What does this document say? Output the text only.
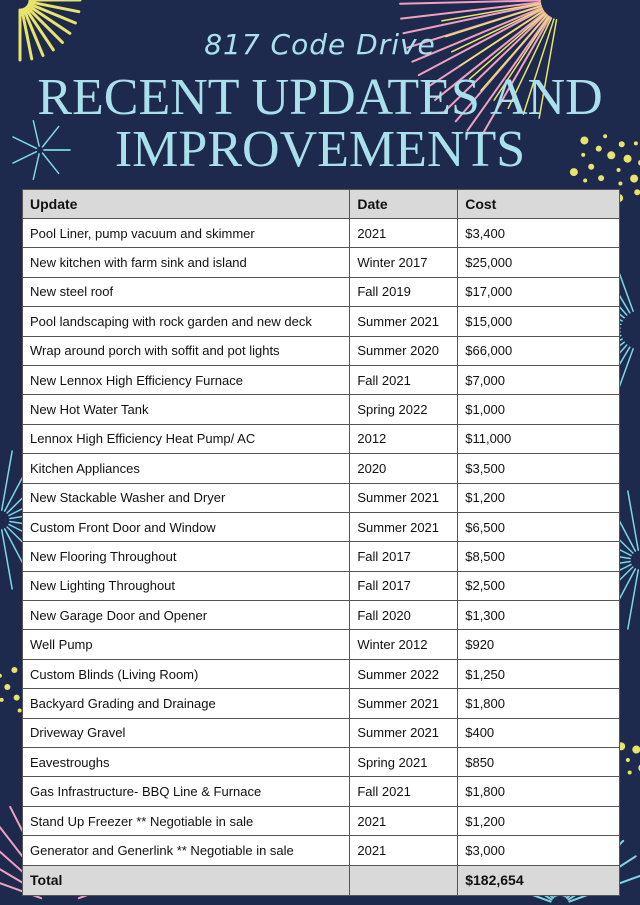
817 Code Drive
RECENT UPDATES AND
IMPROVEMENTS
Update	Date	Cost
Pool Liner, pump vacuum and skimmer	2021	$3,400
New kitchen with farm sink and island	Winter 2017	$25,000
New steel roof	Fall 2019	$17,000
Pool landscaping with rock garden and new deck	Summer 2021	$15,000
Wrap around porch with soffit and pot lights	Summer 2020	$66,000
New Lennox High Efficiency Furnace	Fall 2021	$7,000
New Hot Water Tank	Spring 2022	$1,000
Lennox High Efficiency Heat Pump/ AC	2012	$11,000
Kitchen Appliances	2020	$3,500
New Stackable Washer and Dryer	Summer 2021	$1,200
Custom Front Door and Window	Summer 2021	$6,500
New Flooring Throughout	Fall 2017	$8,500
New Lighting Throughout	Fall 2017	$2,500
New Garage Door and Opener	Fall 2020	$1,300
Well Pump	Winter 2012	$920
Custom Blinds (Living Room)	Summer 2022	$1,250
Backyard Grading and Drainage	Summer 2021	$1,800
Driveway Gravel	Summer 2021	$400
Eavestroughs	Spring 2021	$850
Gas Infrastructure- BBQ Line & Furnace	Fall 2021	$1,800
Stand Up Freezer ** Negotiable in sale	2021	$1,200
Generator and Generlink ** Negotiable in sale	2021	$3,000
Total		$182,654
